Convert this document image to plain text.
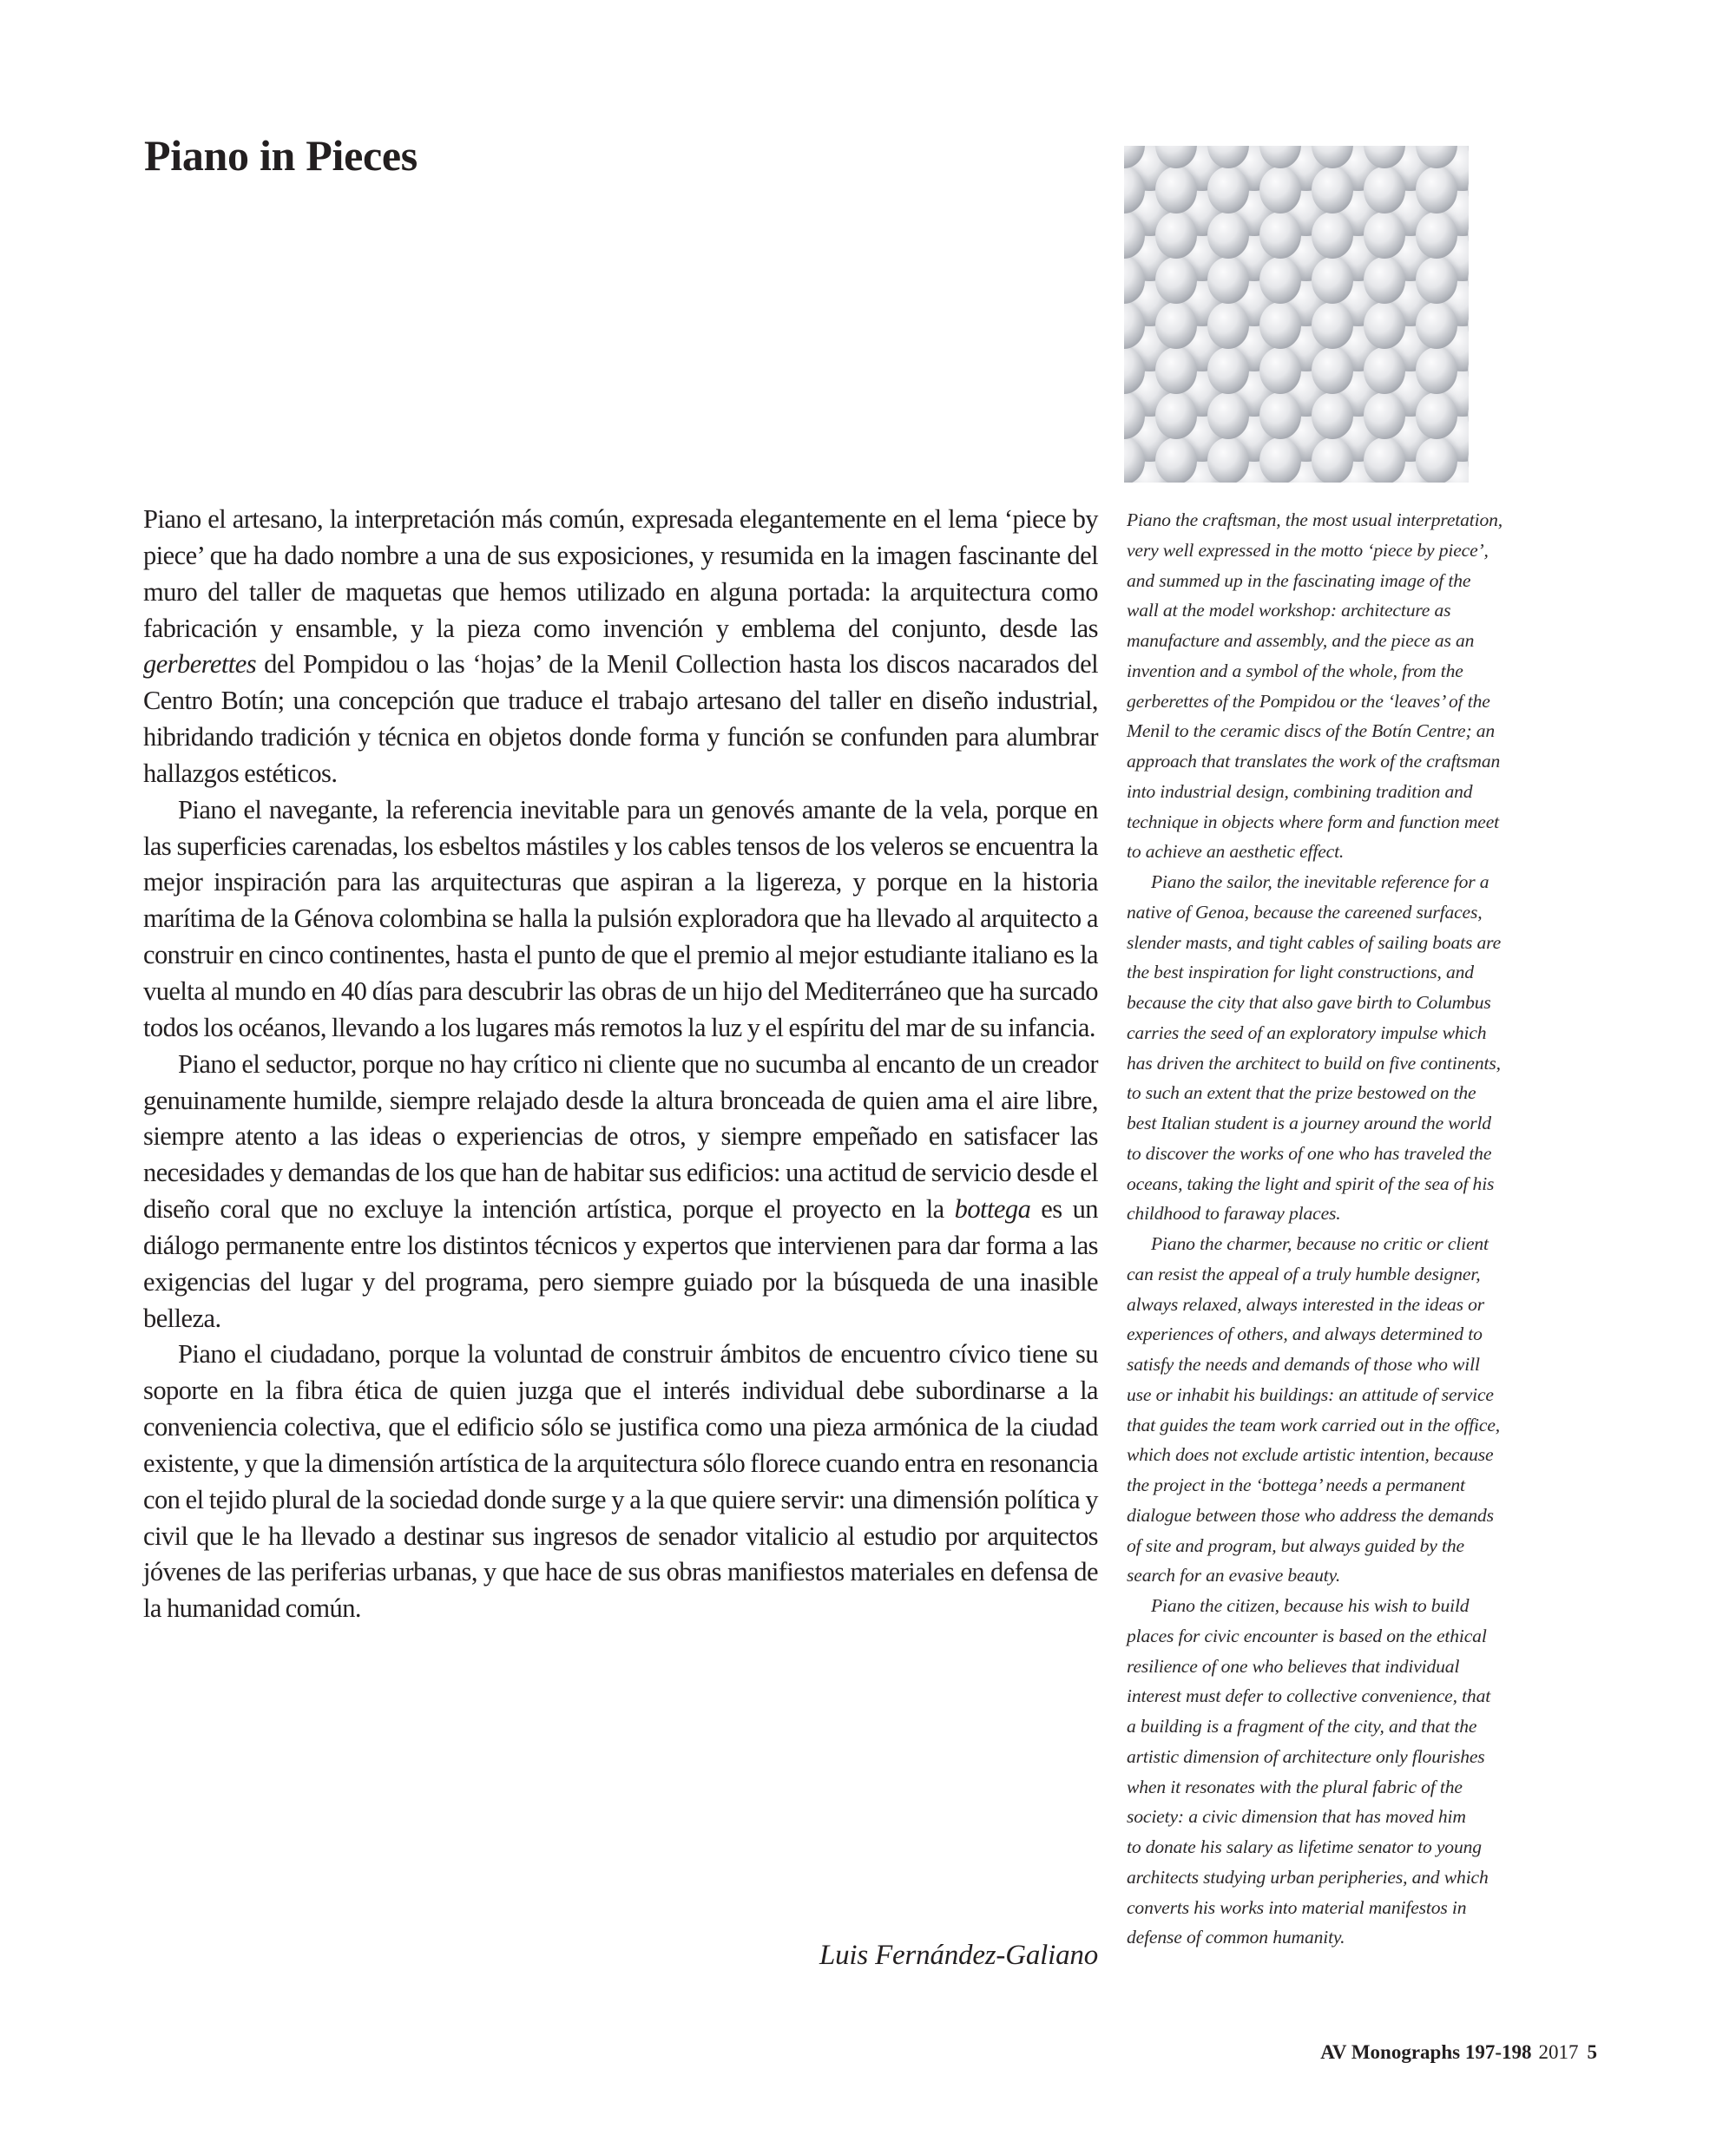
Piano in Pieces

Piano el artesano, la interpretación más común, expresada elegantemente en el lema ‘piece by piece’ que ha dado nombre a una de sus exposiciones, y resumida en la imagen fascinante del muro del taller de maquetas que hemos utilizado en alguna portada: la arquitectura como fabricación y ensamble, y la pieza como invención y emblema del conjunto, desde las gerberettes del Pompidou o las ‘hojas’ de la Menil Collection hasta los discos nacarados del Centro Botín; una concepción que traduce el trabajo artesano del taller en diseño industrial, hibridando tradición y técnica en objetos donde forma y función se confunden para alumbrar hallazgos estéticos.

Piano el navegante, la referencia inevitable para un genovés amante de la vela, porque en las superficies carenadas, los esbeltos mástiles y los cables tensos de los veleros se encuentra la mejor inspiración para las arquitecturas que aspiran a la ligereza, y porque en la historia marítima de la Génova colombina se halla la pulsión exploradora que ha llevado al arquitecto a construir en cinco continentes, hasta el punto de que el premio al mejor estudiante italiano es la vuelta al mundo en 40 días para descubrir las obras de un hijo del Mediterráneo que ha surcado todos los océanos, llevando a los lugares más remotos la luz y el espíritu del mar de su infancia.

Piano el seductor, porque no hay crítico ni cliente que no sucumba al encanto de un creador genuinamente humilde, siempre relajado desde la altura bronceada de quien ama el aire libre, siempre atento a las ideas o experiencias de otros, y siempre empeñado en satisfacer las necesidades y demandas de los que han de habitar sus edificios: una actitud de servicio desde el diseño coral que no excluye la intención artística, porque el proyecto en la bottega es un diálogo permanente entre los distintos técnicos y expertos que intervienen para dar forma a las exigencias del lugar y del programa, pero siempre guiado por la búsqueda de una inasible belleza.

Piano el ciudadano, porque la voluntad de construir ámbitos de encuentro cívico tiene su soporte en la fibra ética de quien juzga que el interés individual debe subordinarse a la conveniencia colectiva, que el edificio sólo se justifica como una pieza armónica de la ciudad existente, y que la dimensión artística de la arquitectura sólo florece cuando entra en resonancia con el tejido plural de la sociedad donde surge y a la que quiere servir: una dimensión política y civil que le ha llevado a destinar sus ingresos de senador vitalicio al estudio por arquitectos jóvenes de las periferias urbanas, y que hace de sus obras manifiestos materiales en defensa de la humanidad común.

Luis Fernández-Galiano

Piano the craftsman, the most usual interpretation,
very well expressed in the motto ‘piece by piece’,
and summed up in the fascinating image of the
wall at the model workshop: architecture as
manufacture and assembly, and the piece as an
invention and a symbol of the whole, from the
gerberettes of the Pompidou or the ‘leaves’ of the
Menil to the ceramic discs of the Botín Centre; an
approach that translates the work of the craftsman
into industrial design, combining tradition and
technique in objects where form and function meet
to achieve an aesthetic effect.

Piano the sailor, the inevitable reference for a
native of Genoa, because the careened surfaces,
slender masts, and tight cables of sailing boats are
the best inspiration for light constructions, and
because the city that also gave birth to Columbus
carries the seed of an exploratory impulse which
has driven the architect to build on five continents,
to such an extent that the prize bestowed on the
best Italian student is a journey around the world
to discover the works of one who has traveled the
oceans, taking the light and spirit of the sea of his
childhood to faraway places.

Piano the charmer, because no critic or client
can resist the appeal of a truly humble designer,
always relaxed, always interested in the ideas or
experiences of others, and always determined to
satisfy the needs and demands of those who will
use or inhabit his buildings: an attitude of service
that guides the team work carried out in the office,
which does not exclude artistic intention, because
the project in the ‘bottega’ needs a permanent
dialogue between those who address the demands
of site and program, but always guided by the
search for an evasive beauty.

Piano the citizen, because his wish to build
places for civic encounter is based on the ethical
resilience of one who believes that individual
interest must defer to collective convenience, that
a building is a fragment of the city, and that the
artistic dimension of architecture only flourishes
when it resonates with the plural fabric of the
society: a civic dimension that has moved him
to donate his salary as lifetime senator to young
architects studying urban peripheries, and which
converts his works into material manifestos in
defense of common humanity.

AV Monographs 197-198 2017 5
